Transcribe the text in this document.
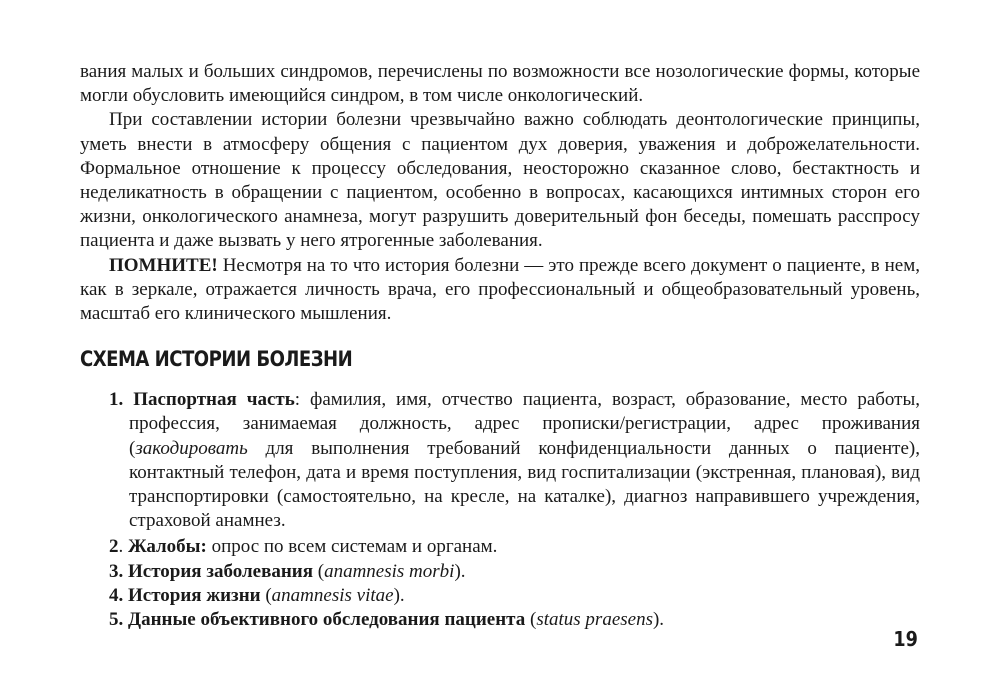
вания малых и больших синдромов, перечислены по возможности все нозологические формы, которые могли обусловить имеющийся синдром, в том числе онкологический.

При составлении истории болезни чрезвычайно важно соблюдать деонтологические принципы, уметь внести в атмосферу общения с пациентом дух доверия, уважения и доброжелательности. Формальное отношение к процессу обследования, неосторожно сказанное слово, бестактность и неделикатность в обращении с пациентом, особенно в вопросах, касающихся интимных сторон его жизни, онкологического анамнеза, могут разрушить доверительный фон беседы, помешать расспросу пациента и даже вызвать у него ятрогенные заболевания.

ПОМНИТЕ! Несмотря на то что история болезни — это прежде всего документ о пациенте, в нем, как в зеркале, отражается личность врача, его профессиональный и общеобразовательный уровень, масштаб его клинического мышления.

СХЕМА ИСТОРИИ БОЛЕЗНИ
1. Паспортная часть: фамилия, имя, отчество пациента, возраст, образование, место работы, профессия, занимаемая должность, адрес прописки/регистрации, адрес проживания (закодировать для выполнения требований конфиденциальности данных о пациенте), контактный телефон, дата и время поступления, вид госпитализации (экстренная, плановая), вид транспортировки (самостоятельно, на кресле, на каталке), диагноз направившего учреждения, страховой анамнез.
2. Жалобы: опрос по всем системам и органам.
3. История заболевания (anamnesis morbi).
4. История жизни (anamnesis vitae).
5. Данные объективного обследования пациента (status praesens).
19
